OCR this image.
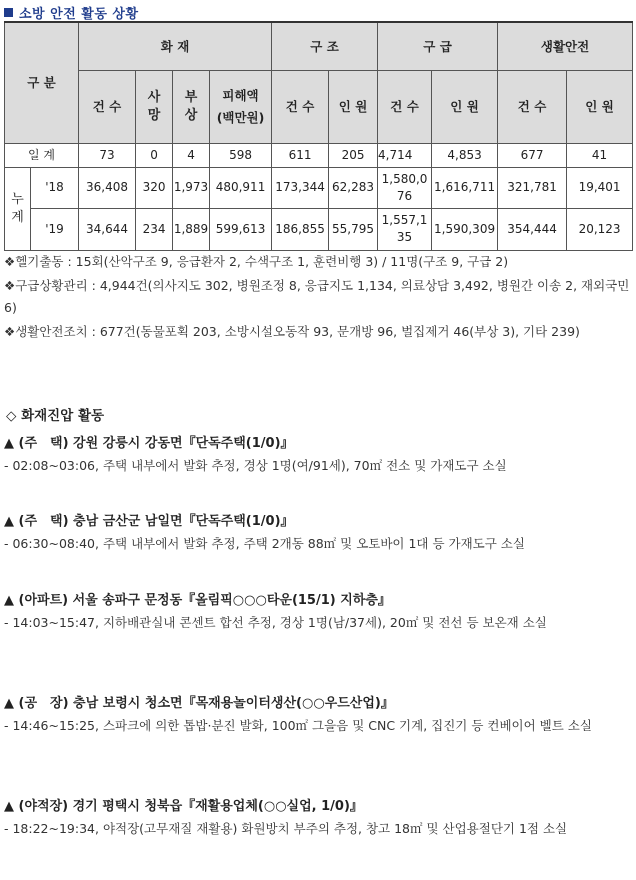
소방 안전 활동 상황
구 분		화 재				구 조		구 급		생활안전	
		건 수	사망	부상	피해액(백만원)	건 수	인 원	건 수	인 원	건 수	인 원
일 계		73	0	4	598	611	205	4,714	4,853	677	41
누계	'18	36,408	320	1,973	480,911	173,344	62,283	1,580,076	1,616,711	321,781	19,401
	'19	34,644	234	1,889	599,613	186,855	55,795	1,557,135	1,590,309	354,444	20,123
❖헬기출동 : 15회(산악구조 9, 응급환자 2, 수색구조 1, 훈련비행 3) / 11명(구조 9, 구급 2)
❖구급상황관리 : 4,944건(의사지도 302, 병원조정 8, 응급지도 1,134, 의료상담 3,492, 병원간 이송 2, 재외국민 6)
❖생활안전조치 : 677건(동물포획 203, 소방시설오동작 93, 문개방 96, 벌집제거 46(부상 3), 기타 239)
◇ 화재진압 활동
▲ (주　택) 강원 강릉시 강동면『단독주택(1/0)』
- 02:08~03:06, 주택 내부에서 발화 추정, 경상 1명(여/91세), 70㎡ 전소 및 가재도구 소실
▲ (주　택) 충남 금산군 남일면『단독주택(1/0)』
- 06:30~08:40, 주택 내부에서 발화 추정, 주택 2개동 88㎡ 및 오토바이 1대 등 가재도구 소실
▲ (아파트) 서울 송파구 문정동『올림픽○○○타운(15/1) 지하층』
- 14:03~15:47, 지하배관실내 콘센트 합선 추정, 경상 1명(남/37세), 20㎡ 및 전선 등 보온재 소실
▲ (공　장) 충남 보령시 청소면『목재용놀이터생산(○○우드산업)』
- 14:46~15:25, 스파크에 의한 톱밥·분진 발화, 100㎡ 그을음 및 CNC 기계, 집진기 등 컨베이어 벨트 소실
▲ (야적장) 경기 평택시 청북읍『재활용업체(○○실업, 1/0)』
- 18:22~19:34, 야적장(고무재질 재활용) 화원방치 부주의 추정, 창고 18㎡ 및 산업용절단기 1점 소실
